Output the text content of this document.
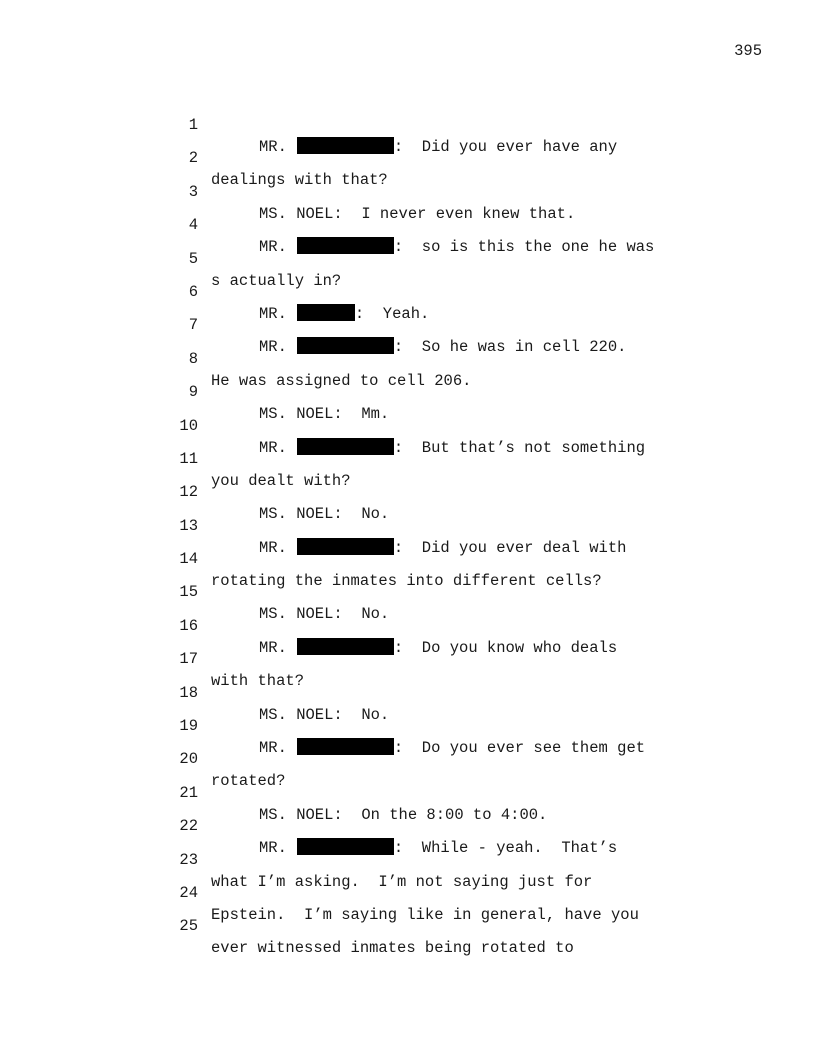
395

1

MR.	:  Did you ever have any

2

dealings with that?

3

MS. NOEL:  I never even knew that.

4

MR.	:  so is this the one he was

5

s actually in?

6

MR.	:  Yeah.

7

MR.	:  So he was in cell 220.

8

He was assigned to cell 206.

9

MS. NOEL:  Mm.

10

MR.	:  But that’s not something

11

you dealt with?

12

MS. NOEL:  No.

13

MR.	:  Did you ever deal with

14

rotating the inmates into different cells?

15

MS. NOEL:  No.

16

MR.	:  Do you know who deals

17

with that?

18

MS. NOEL:  No.

19

MR.	:  Do you ever see them get

20

rotated?

21

MS. NOEL:  On the 8:00 to 4:00.

22

MR.	:  While - yeah.  That’s

23

what I’m asking.  I’m not saying just for

24

Epstein.  I’m saying like in general, have you

25

ever witnessed inmates being rotated to
